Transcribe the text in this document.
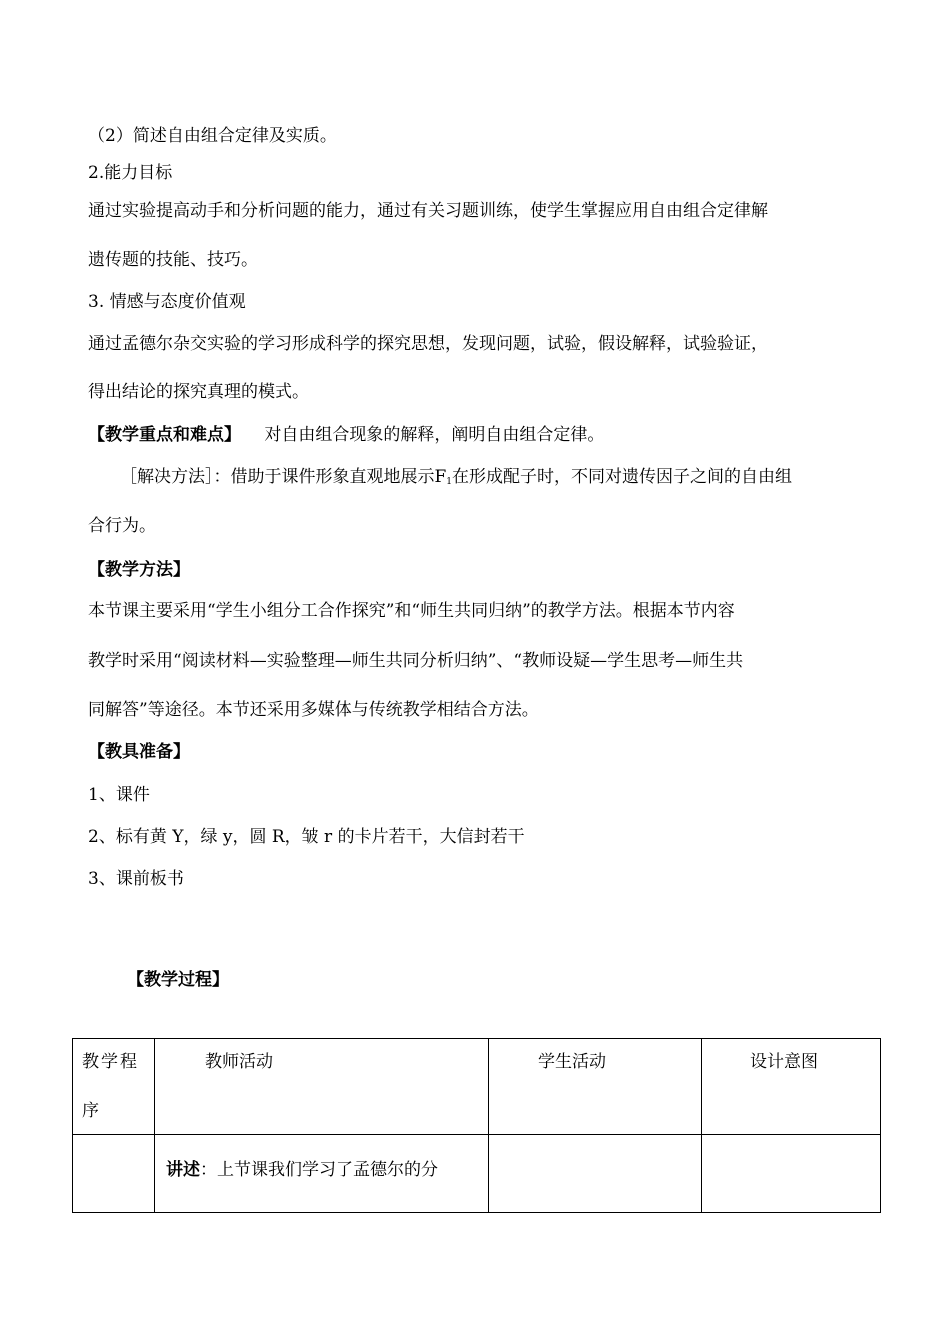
（2）简述自由组合定律及实质。
2.能力目标
通过实验提高动手和分析问题的能力，通过有关习题训练，使学生掌握应用自由组合定律解
遗传题的技能、技巧。
3. 情感与态度价值观
通过孟德尔杂交实验的学习形成科学的探究思想，发现问题，试验，假设解释，试验验证，
得出结论的探究真理的模式。
【教学重点和难点】 对自由组合现象的解释，阐明自由组合定律。
［解决方法］：借助于课件形象直观地展示$F_1$在形成配子时，不同对遗传因子之间的自由组
合行为。
【教学方法】
本节课主要采用“学生小组分工合作探究”和“师生共同归纳”的教学方法。根据本节内容
教学时采用“阅读材料—实验整理—师生共同分析归纳”、“教师设疑—学生思考—师生共
同解答”等途径。本节还采用多媒体与传统教学相结合方法。
【教具准备】
1、课件
2、标有黄 Y，绿 y，圆 R，皱 r 的卡片若干，大信封若干
3、课前板书
【教学过程】
教学程
序	教师活动	学生活动	设计意图

	讲述：上节课我们学习了孟德尔的分		
